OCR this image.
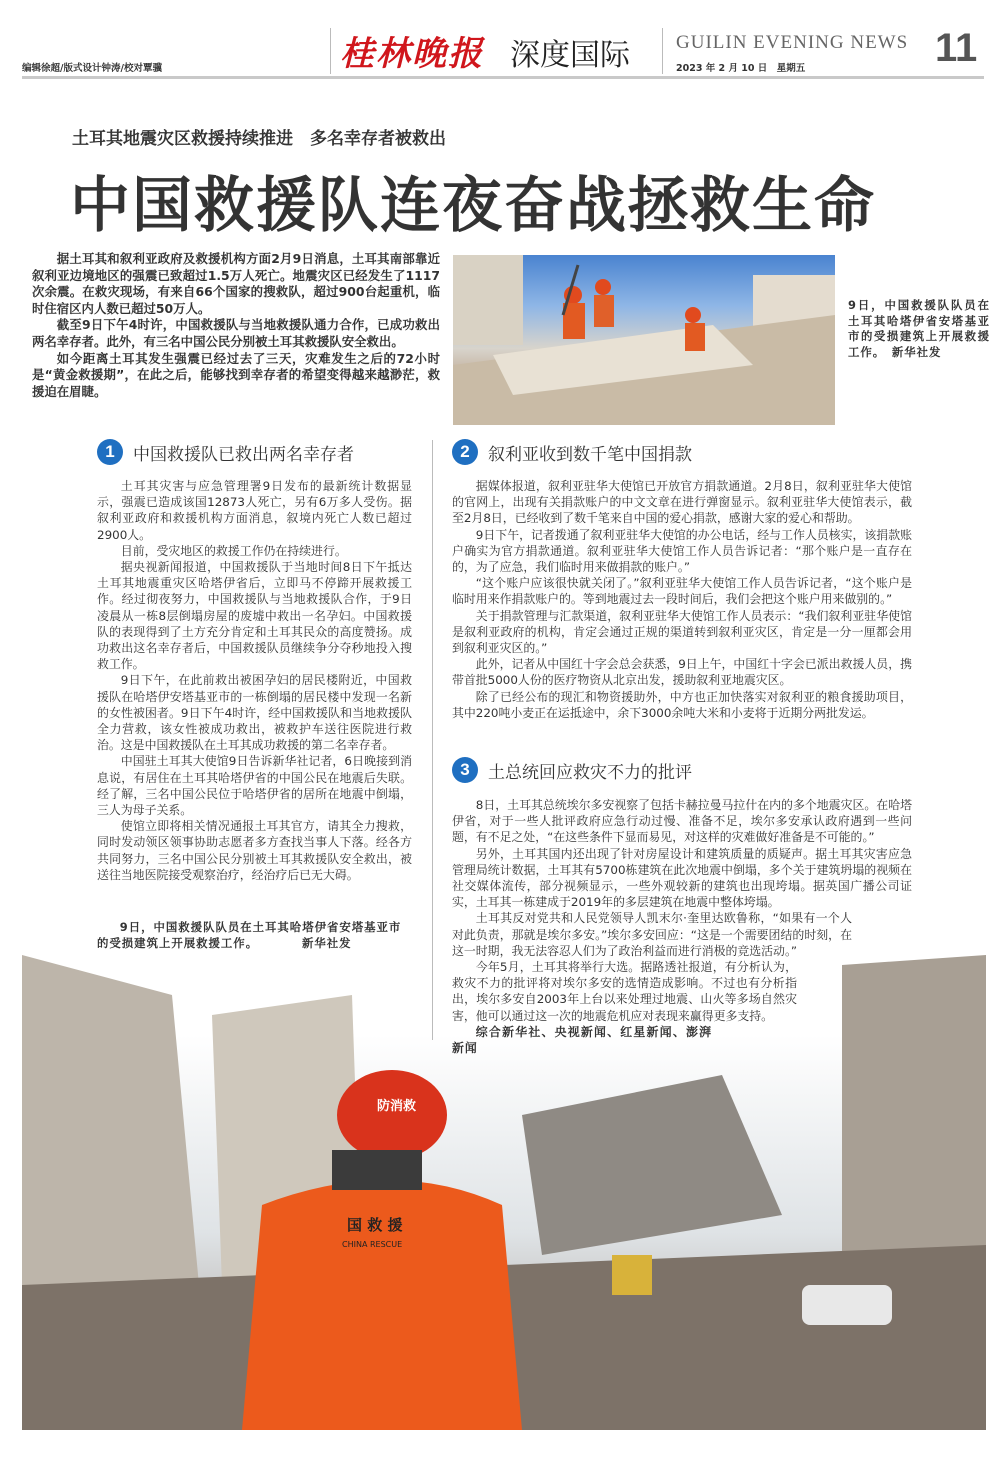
编辑徐超/版式设计钟涛/校对覃骥	桂林晚报 深度国际 GUILIN EVENING NEWS
2023 年 2 月 10 日　星期五	11
土耳其地震灾区救援持续推进　多名幸存者被救出
中国救援队连夜奋战拯救生命

据土耳其和叙利亚政府及救援机构方面2月9日消息，土耳其南部靠近叙利亚边境地区的强震已致超过1.5万人死亡。地震灾区已经发生了1117次余震。在救灾现场，有来自66个国家的搜救队，超过900台起重机，临时住宿区内人数已超过50万人。

截至9日下午4时许，中国救援队与当地救援队通力合作，已成功救出两名幸存者。此外，有三名中国公民分别被土耳其救援队安全救出。

如今距离土耳其发生强震已经过去了三天，灾难发生之后的72小时是“黄金救援期”，在此之后，能够找到幸存者的希望变得越来越渺茫，救援迫在眉睫。

9日，中国救援队队员在土耳其哈塔伊省安塔基亚市的受损建筑上开展救援工作。　新华社发
1	中国救援队已救出两名幸存者

土耳其灾害与应急管理署9日发布的最新统计数据显示，强震已造成该国12873人死亡，另有6万多人受伤。据叙利亚政府和救援机构方面消息，叙境内死亡人数已超过2900人。

目前，受灾地区的救援工作仍在持续进行。

据央视新闻报道，中国救援队于当地时间8日下午抵达土耳其地震重灾区哈塔伊省后，立即马不停蹄开展救援工作。经过彻夜努力，中国救援队与当地救援队合作，于9日凌晨从一栋8层倒塌房屋的废墟中救出一名孕妇。中国救援队的表现得到了土方充分肯定和土耳其民众的高度赞扬。成功救出这名幸存者后，中国救援队员继续争分夺秒地投入搜救工作。

9日下午，在此前救出被困孕妇的居民楼附近，中国救援队在哈塔伊安塔基亚市的一栋倒塌的居民楼中发现一名新的女性被困者。9日下午4时许，经中国救援队和当地救援队全力营救，该女性被成功救出，被救护车送往医院进行救治。这是中国救援队在土耳其成功救援的第二名幸存者。

中国驻土耳其大使馆9日告诉新华社记者，6日晚接到消息说，有居住在土耳其哈塔伊省的中国公民在地震后失联。经了解，三名中国公民位于哈塔伊省的居所在地震中倒塌，三人为母子关系。

使馆立即将相关情况通报土耳其官方，请其全力搜救，同时发动领区领事协助志愿者多方查找当事人下落。经各方共同努力，三名中国公民分别被土耳其救援队安全救出，被送往当地医院接受观察治疗，经治疗后已无大碍。

9日，中国救援队队员在土耳其哈塔伊省安塔基亚市的受损建筑上开展救援工作。　　　　新华社发
2	叙利亚收到数千笔中国捐款

据媒体报道，叙利亚驻华大使馆已开放官方捐款通道。2月8日，叙利亚驻华大使馆的官网上，出现有关捐款账户的中文文章在进行弹窗显示。叙利亚驻华大使馆表示，截至2月8日，已经收到了数千笔来自中国的爱心捐款，感谢大家的爱心和帮助。

9日下午，记者拨通了叙利亚驻华大使馆的办公电话，经与工作人员核实，该捐款账户确实为官方捐款通道。叙利亚驻华大使馆工作人员告诉记者：“那个账户是一直存在的，为了应急，我们临时用来做捐款的账户。”

“这个账户应该很快就关闭了。”叙利亚驻华大使馆工作人员告诉记者，“这个账户是临时用来作捐款账户的。等到地震过去一段时间后，我们会把这个账户用来做别的。”

关于捐款管理与汇款渠道，叙利亚驻华大使馆工作人员表示：“我们叙利亚驻华使馆是叙利亚政府的机构，肯定会通过正规的渠道转到叙利亚灾区，肯定是一分一厘都会用到叙利亚灾区的。”

此外，记者从中国红十字会总会获悉，9日上午，中国红十字会已派出救援人员，携带首批5000人份的医疗物资从北京出发，援助叙利亚地震灾区。

除了已经公布的现汇和物资援助外，中方也正加快落实对叙利亚的粮食援助项目，其中220吨小麦正在运抵途中，余下3000余吨大米和小麦将于近期分两批发运。

3	土总统回应救灾不力的批评

8日，土耳其总统埃尔多安视察了包括卡赫拉曼马拉什在内的多个地震灾区。在哈塔伊省，对于一些人批评政府应急行动过慢、准备不足，埃尔多安承认政府遇到一些问题，有不足之处，“在这些条件下显而易见，对这样的灾难做好准备是不可能的。”

另外，土耳其国内还出现了针对房屋设计和建筑质量的质疑声。据土耳其灾害应急管理局统计数据，土耳其有5700栋建筑在此次地震中倒塌，多个关于建筑坍塌的视频在社交媒体流传，部分视频显示，一些外观较新的建筑也出现垮塌。据英国广播公司证实，土耳其一栋建成于2019年的多层建筑在地震中整体垮塌。

土耳其反对党共和人民党领导人凯末尔·奎里达欧鲁称，“如果有一个人对此负责，那就是埃尔多安。”埃尔多安回应：“这是一个需要团结的时刻，在这一时期，我无法容忍人们为了政治利益而进行消极的竞选活动。”

今年5月，土耳其将举行大选。据路透社报道，有分析认为，救灾不力的批评将对埃尔多安的选情造成影响。不过也有分析指出，埃尔多安自2003年上台以来处理过地震、山火等多场自然灾害，他可以通过这一次的地震危机应对表现来赢得更多支持。

综合新华社、央视新闻、红星新闻、澎湃新闻

防消救
国 救 援
CHINA RESCUE
